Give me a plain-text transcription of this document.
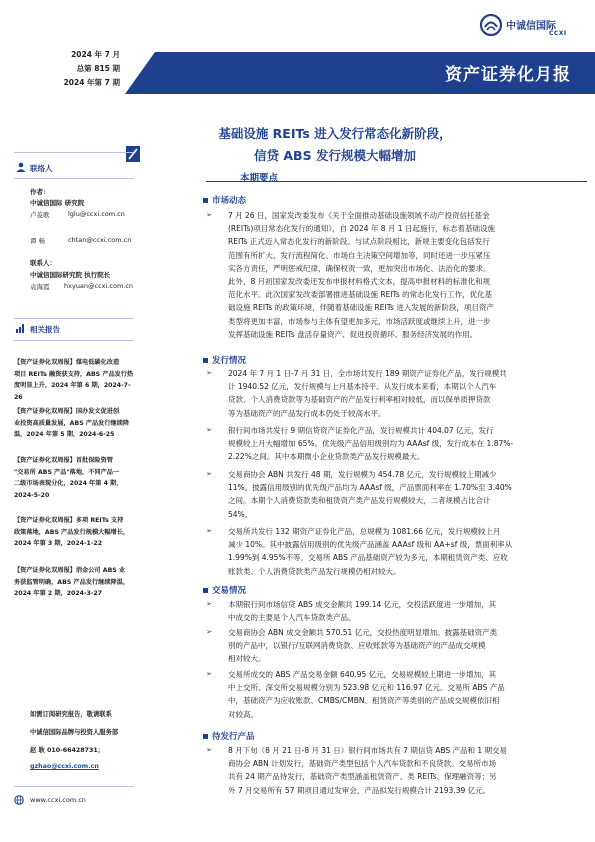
中诚信国际
CCXI
2024 年 7 月
总第 815 期
2024 年第 7 期	资产证券化月报
基础设施 REITs 进入发行常态化新阶段，
信贷 ABS 发行规模大幅增加
本期要点
联络人
作者：
中诚信国际 研究院
卢菱歌	lglu@ccxi.com.cn
谭 畅	chtan@ccxi.com.cn
联系人：
中诚信国际研究院 执行院长
袁海霞 hxyuan@ccxi.com.cn
相关报告
【资产证券化双周报】煤电低碳化改造
项目 REITs 融资获支持，ABS 产品发行热
度明显上升，2024 年第 6 期，2024-7-26
【资产证券化双周报】国办发文促进创
业投资高质量发展，ABS 产品发行继续降
温，2024 年第 5 期，2024-6-25
【资产证券化双周报】首批保险资管
"交易所 ABS 产品"落地，不同产品一
二级市场表现分化，2024 年第 4 期，
2024-5-20
【资产证券化双周报】多项 REITs 支持
政策落地，ABS 产品发行规模大幅增长，
2024 年第 3 期，2024-1-22
【资产证券化双周报】消金公司 ABS 业
务获监管明确，ABS 产品发行继续降温，
2024 年第 2 期，2024-3-27
如需订阅研究报告，敬请联系
中诚信国际品牌与投资人服务部
赵 耿 010-66428731；
gzhao@ccxi.com.cn
www.ccxi.com.cn
市场动态
➢ 7 月 26 日，国家发改委发布《关于全面推动基础设施领域不动产投资信托基金
(REITs)项目常态化发行的通知》，自 2024 年 8 月 1 日起施行，标志着基础设施
REITs 正式迈入常态化发行的新阶段。与试点阶段相比，新规主要变化包括发行
范围有所扩大、发行流程简化、市场自主决策空间增加等，同时还进一步压紧压
实各方责任，严明惩戒纪律，确保权责一致，更加突出市场化、法治化的要求。
此外，8 月初国家发改委还发布申报材料格式文本，提高申报材料的标准化和规
范化水平。此次国家发改委部署推进基础设施 REITs 的常态化发行工作，优化基
础设施 REITs 的政策环境，伴随着基础设施 REITs 进入发展的新阶段，项目资产
类型将更加丰富，市场参与主体有望更加多元，市场活跃度或继续上升，进一步
发挥基础设施 REITs 盘活存量资产、促进投资循环、服务经济发展的作用。
发行情况
➢ 2024 年 7 月 1 日-7 月 31 日，全市场共发行 189 期资产证券化产品，发行规模共
计 1940.52 亿元，发行规模与上月基本持平。从发行成本来看，本期以个人汽车
贷款、个人消费贷款等为基础资产的产品发行利率相对较低，而以保单质押贷款
等为基础资产的产品发行成本仍处于较高水平。
➢ 银行间市场共发行 9 期信贷资产证券化产品，发行规模共计 404.07 亿元，发行
规模较上月大幅增加 65%。优先级产品信用级别均为 AAAsf 级，发行成本在 1.87%-
2.22%之间。其中本期微小企业贷款类产品发行规模最大。
➢ 交易商协会 ABN 共发行 48 期，发行规模为 454.78 亿元，发行规模较上期减少
11%。披露信用级别的优先级产品均为 AAAsf 级，产品票面利率在 1.70%至 3.40%
之间。本期个人消费贷款类和租赁资产类产品发行规模较大，二者规模占比合计
54%。
➢ 交易所共发行 132 期资产证券化产品，总规模为 1081.66 亿元，发行规模较上月
减少 10%。其中披露信用级别的优先级产品涵盖 AAAsf 级和 AA+sf 级，票面利率从
1.99%到 4.95%不等。交易所 ABS 产品基础资产较为多元，本期租赁资产类、应收
账款类、个人消费贷款类产品发行规模仍相对较大。
交易情况
➢ 本期银行间市场信贷 ABS 成交金额共 199.14 亿元，交投活跃度进一步增加，其
中成交的主要是个人汽车贷款类产品。
➢ 交易商协会 ABN 成交金额共 570.51 亿元，交投热度明显增加。披露基础资产类
别的产品中，以银行/互联网消费贷款、应收账款等为基础资产的产品成交规模
相对较大。
➢ 交易所成交的 ABS 产品交易金额 640.95 亿元，交易规模较上期进一步增加，其
中上交所、深交所交易规模分别为 523.98 亿元和 116.97 亿元。交易所 ABS 产品
中，基础资产为应收账款、CMBS/CMBN、租赁资产等类别的产品成交规模依旧相
对较高。
待发行产品
➢ 8 月下旬（8 月 21 日-8 月 31 日）银行间市场共有 7 期信贷 ABS 产品和 1 期交易
商协会 ABN 计划发行，基础资产类型包括个人汽车贷款和不良贷款。交易所市场
共有 24 期产品待发行，基础资产类型涵盖租赁资产、类 REITs、保理融资等；另
外 7 月交易所有 57 期项目通过发审会，产品拟发行规模合计 2193.39 亿元。
